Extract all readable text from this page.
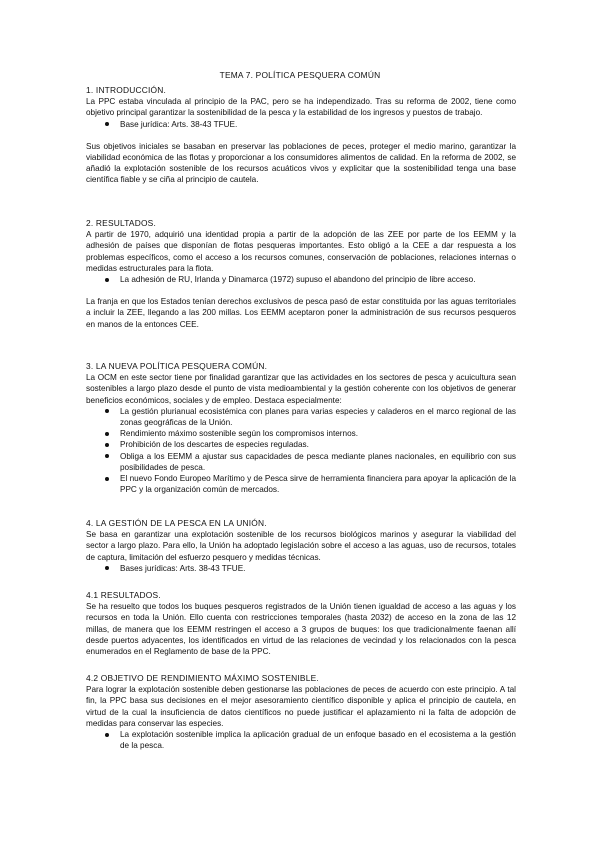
TEMA 7. POLÍTICA PESQUERA COMÚN
1. INTRODUCCIÓN.

La PPC estaba vinculada al principio de la PAC, pero se ha independizado. Tras su reforma de 2002, tiene como objetivo principal garantizar la sostenibilidad de la pesca y la estabilidad de los ingresos y puestos de trabajo.

Base jurídica: Arts. 38-43 TFUE.

Sus objetivos iniciales se basaban en preservar las poblaciones de peces, proteger el medio marino, garantizar la viabilidad económica de las flotas y proporcionar a los consumidores alimentos de calidad. En la reforma de 2002, se añadió la explotación sostenible de los recursos acuáticos vivos y explicitar que la sostenibilidad tenga una base científica fiable y se ciña al principio de cautela.

2. RESULTADOS.

A partir de 1970, adquirió una identidad propia a partir de la adopción de las ZEE por parte de los EEMM y la adhesión de países que disponían de flotas pesqueras importantes. Esto obligó a la CEE a dar respuesta a los problemas específicos, como el acceso a los recursos comunes, conservación de poblaciones, relaciones internas o medidas estructurales para la flota.

La adhesión de RU, Irlanda y Dinamarca (1972) supuso el abandono del principio de libre acceso.

La franja en que los Estados tenían derechos exclusivos de pesca pasó de estar constituida por las aguas territoriales a incluir la ZEE, llegando a las 200 millas. Los EEMM aceptaron poner la administración de sus recursos pesqueros en manos de la entonces CEE.

3. LA NUEVA POLÍTICA PESQUERA COMÚN.

La OCM en este sector tiene por finalidad garantizar que las actividades en los sectores de pesca y acuicultura sean sostenibles a largo plazo desde el punto de vista medioambiental y la gestión coherente con los objetivos de generar beneficios económicos, sociales y de empleo. Destaca especialmente:

La gestión plurianual ecosistémica con planes para varias especies y caladeros en el marco regional de las zonas geográficas de la Unión.
Rendimiento máximo sostenible según los compromisos internos.
Prohibición de los descartes de especies reguladas.
Obliga a los EEMM a ajustar sus capacidades de pesca mediante planes nacionales, en equilibrio con sus posibilidades de pesca.
El nuevo Fondo Europeo Marítimo y de Pesca sirve de herramienta financiera para apoyar la aplicación de la PPC y la organización común de mercados.
4. LA GESTIÓN DE LA PESCA EN LA UNIÓN.

Se basa en garantizar una explotación sostenible de los recursos biológicos marinos y asegurar la viabilidad del sector a largo plazo. Para ello, la Unión ha adoptado legislación sobre el acceso a las aguas, uso de recursos, totales de captura, limitación del esfuerzo pesquero y medidas técnicas.

Bases jurídicas: Arts. 38-43 TFUE.
4.1 RESULTADOS.

Se ha resuelto que todos los buques pesqueros registrados de la Unión tienen igualdad de acceso a las aguas y los recursos en toda la Unión. Ello cuenta con restricciones temporales (hasta 2032) de acceso en la zona de las 12 millas, de manera que los EEMM restringen el acceso a 3 grupos de buques: los que tradicionalmente faenan allí desde puertos adyacentes, los identificados en virtud de las relaciones de vecindad y los relacionados con la pesca enumerados en el Reglamento de base de la PPC.

4.2 OBJETIVO DE RENDIMIENTO MÁXIMO SOSTENIBLE.

Para lograr la explotación sostenible deben gestionarse las poblaciones de peces de acuerdo con este principio. A tal fin, la PPC basa sus decisiones en el mejor asesoramiento científico disponible y aplica el principio de cautela, en virtud de la cual la insuficiencia de datos científicos no puede justificar el aplazamiento ni la falta de adopción de medidas para conservar las especies.

La explotación sostenible implica la aplicación gradual de un enfoque basado en el ecosistema a la gestión de la pesca.
